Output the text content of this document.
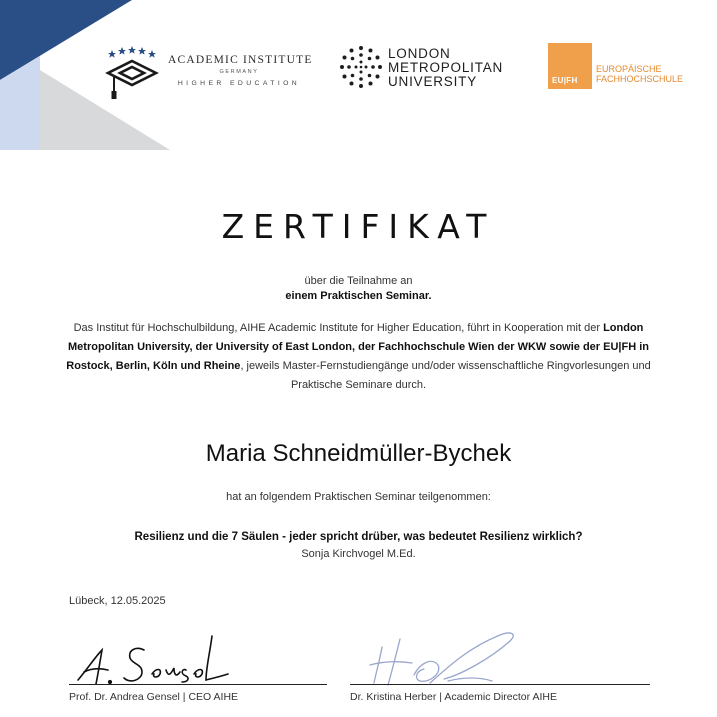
ACADEMIC INSTITUTE
GERMANY
HIGHER EDUCATION
LONDON
METROPOLITAN
UNIVERSITY	EU|FH
EUROPÄISCHE
FACHHOCHSCHULE
ZERTIFIKAT
über die Teilnahme an
einem Praktischen Seminar.
Das Institut für Hochschulbildung, AIHE Academic Institute for Higher Education, führt in Kooperation mit der London Metropolitan University, der University of East London, der Fachhochschule Wien der WKW sowie der EU|FH in Rostock, Berlin, Köln und Rheine, jeweils Master-Fernstudiengänge und/oder wissenschaftliche Ringvorlesungen und Praktische Seminare durch.
Maria Schneidmüller-Bychek
hat an folgendem Praktischen Seminar teilgenommen:
Resilienz und die 7 Säulen - jeder spricht drüber, was bedeutet Resilienz wirklich?
Sonja Kirchvogel M.Ed.
Lübeck, 12.05.2025
Prof. Dr. Andrea Gensel | CEO AIHE	Dr. Kristina Herber | Academic Director AIHE
